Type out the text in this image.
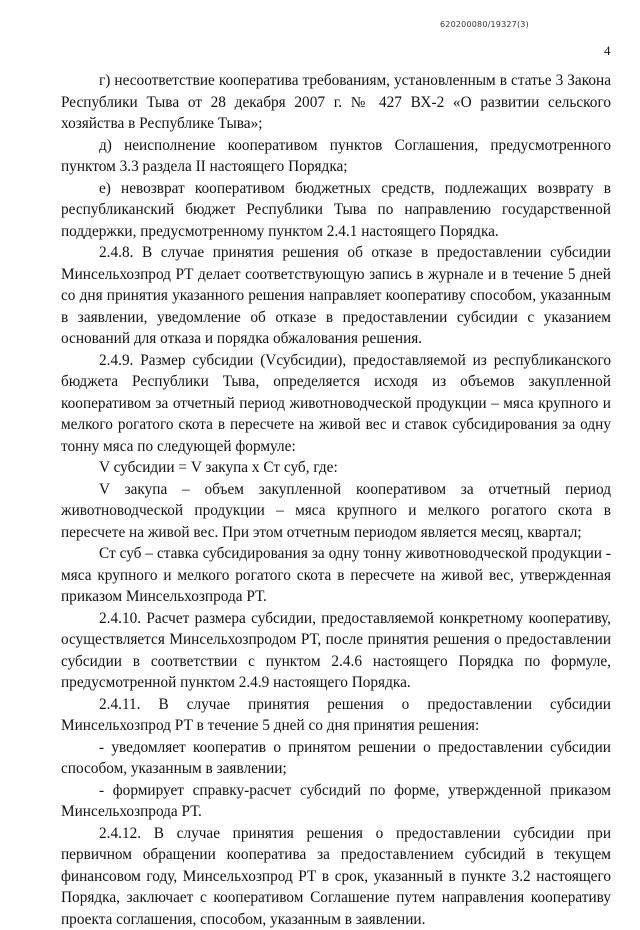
620200080/19327(3)
4

г) несоответствие кооператива требованиям, установленным в статье 3 Закона Республики Тыва от 28 декабря 2007 г. № 427 ВХ-2 «О развитии сельского хозяйства в Республике Тыва»;

д) неисполнение кооперативом пунктов Соглашения, предусмотренного пунктом 3.3 раздела II настоящего Порядка;

е) невозврат кооперативом бюджетных средств, подлежащих возврату в республиканский бюджет Республики Тыва по направлению государственной поддержки, предусмотренному пунктом 2.4.1 настоящего Порядка.

2.4.8. В случае принятия решения об отказе в предоставлении субсидии Минсельхозпрод РТ делает соответствующую запись в журнале и в течение 5 дней со дня принятия указанного решения направляет кооперативу способом, указанным в заявлении, уведомление об отказе в предоставлении субсидии с указанием оснований для отказа и порядка обжалования решения.

2.4.9. Размер субсидии (Vсубсидии), предоставляемой из республиканского бюджета Республики Тыва, определяется исходя из объемов закупленной кооперативом за отчетный период животноводческой продукции – мяса крупного и мелкого рогатого скота в пересчете на живой вес и ставок субсидирования за одну тонну мяса по следующей формуле:

V субсидии = V закупа х Ст суб, где:

V закупа – объем закупленной кооперативом за отчетный период животноводческой продукции – мяса крупного и мелкого рогатого скота в пересчете на живой вес. При этом отчетным периодом является месяц, квартал;

Ст суб – ставка субсидирования за одну тонну животноводческой продукции - мяса крупного и мелкого рогатого скота в пересчете на живой вес, утвержденная приказом Минсельхозпрода РТ.

2.4.10. Расчет размера субсидии, предоставляемой конкретному кооперативу, осуществляется Минсельхозпродом РТ, после принятия решения о предоставлении субсидии в соответствии с пунктом 2.4.6 настоящего Порядка по формуле, предусмотренной пунктом 2.4.9 настоящего Порядка.

2.4.11. В случае принятия решения о предоставлении субсидии Минсельхозпрод РТ в течение 5 дней со дня принятия решения:

- уведомляет кооператив о принятом решении о предоставлении субсидии способом, указанным в заявлении;

- формирует справку-расчет субсидий по форме, утвержденной приказом Минсельхозпрода РТ.

2.4.12. В случае принятия решения о предоставлении субсидии при первичном обращении кооператива за предоставлением субсидий в текущем финансовом году, Минсельхозпрод РТ в срок, указанный в пункте 3.2 настоящего Порядка, заключает с кооперативом Соглашение путем направления кооперативу проекта соглашения, способом, указанным в заявлении.
